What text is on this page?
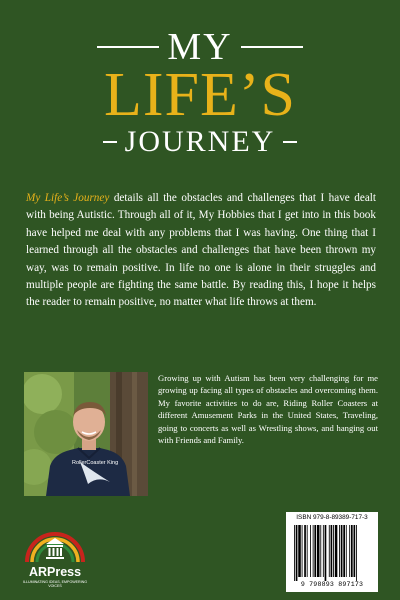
MY
LIFE’S
JOURNEY
My Life’s Journey details all the obstacles and challenges that I have dealt with being Autistic. Through all of it, My Hobbies that I get into in this book have helped me deal with any problems that I was having. One thing that I learned through all the obstacles and challenges that have been thrown my way, was to remain positive. In life no one is alone in their struggles and multiple people are fighting the same battle. By reading this, I hope it helps the reader to remain positive, no matter what life throws at them.
RollerCoaster King
Growing up with Autism has been very challenging for me growing up facing all types of obstacles and overcoming them. My favorite activities to do are, Riding Roller Coasters at different Amusement Parks in the United States, Traveling, going to concerts as well as Wrestling shows, and hanging out with Friends and Family.
ARPress
ILLUMINATING IDEAS, EMPOWERING VOICES
ISBN 979-8-89389-717-3
9 798893 897173
